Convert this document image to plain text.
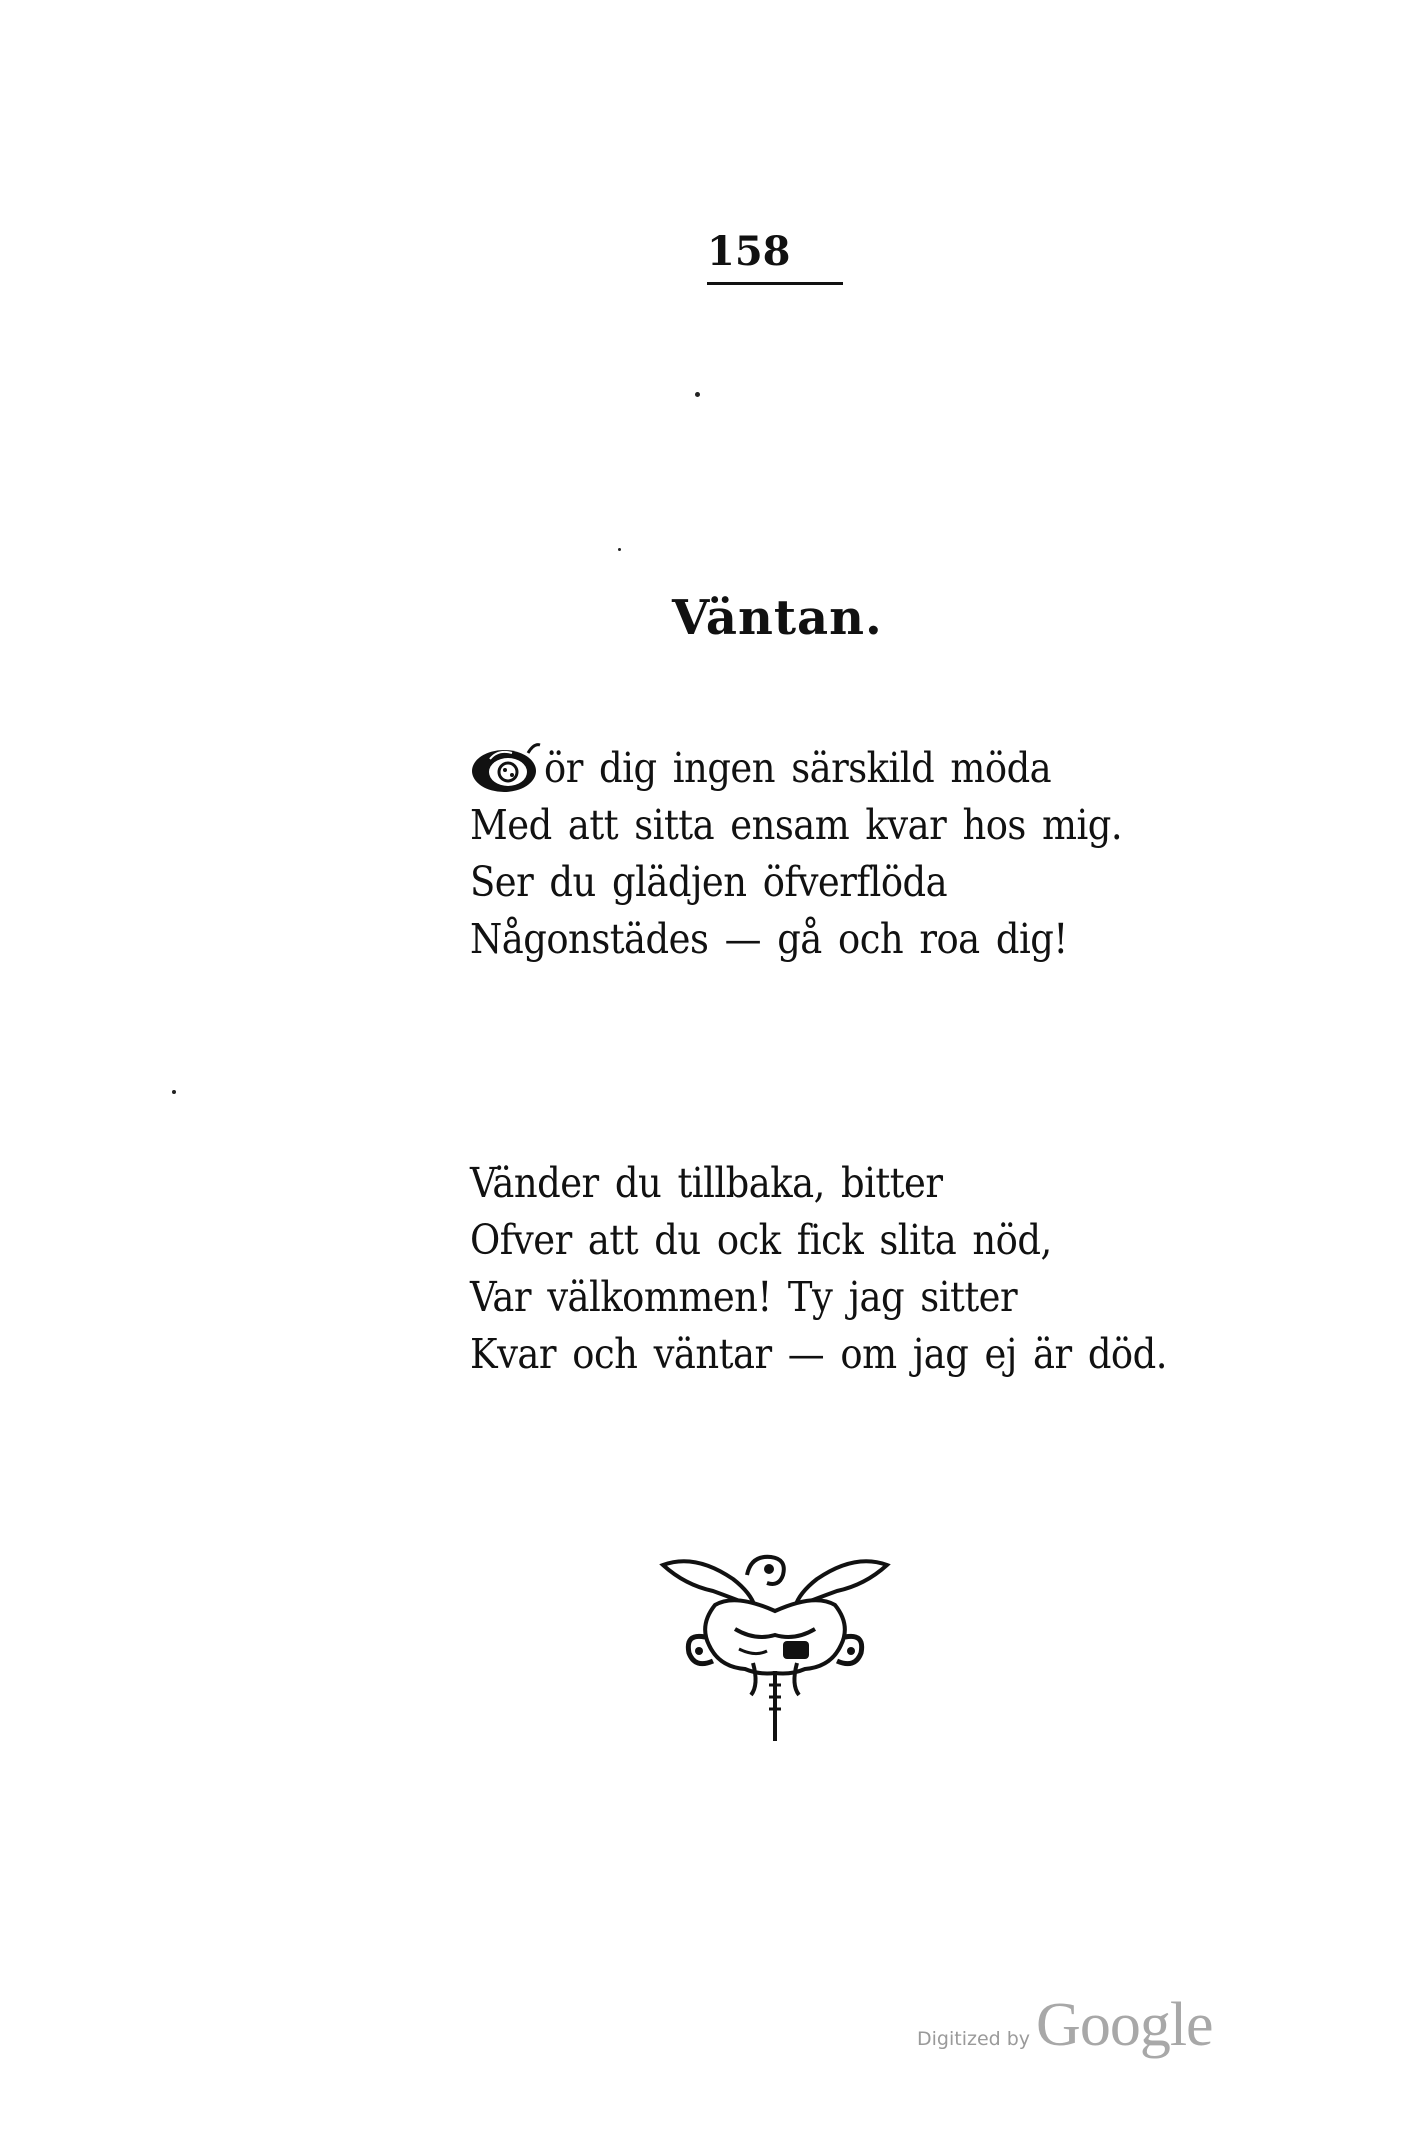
158
Väntan.
ör dig ingen särskild möda
Med att sitta ensam kvar hos mig.
Ser du glädjen öfverflöda
Någonstädes — gå och roa dig!
Vänder du tillbaka, bitter
Ofver att du ock fick slita nöd,
Var välkommen! Ty jag sitter
Kvar och väntar — om jag ej är död.
Digitized by Google
